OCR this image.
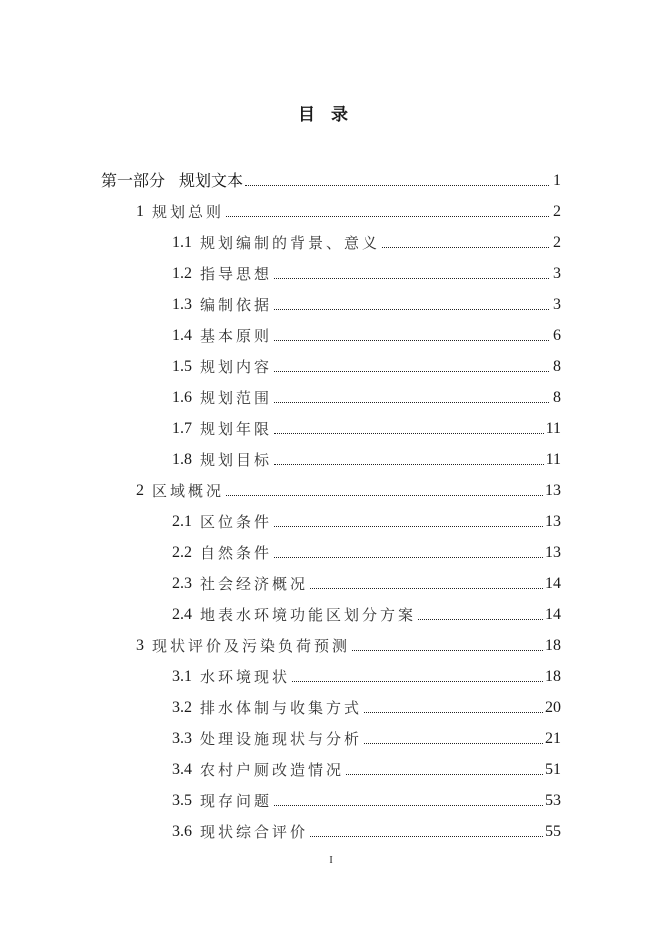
目录
第一部分 规划文本	1
1 规划总则	2
1.1 规划编制的背景、意义	2
1.2 指导思想	3
1.3 编制依据	3
1.4 基本原则	6
1.5 规划内容	8
1.6 规划范围	8
1.7 规划年限	11
1.8 规划目标	11
2 区域概况	13
2.1 区位条件	13
2.2 自然条件	13
2.3 社会经济概况	14
2.4 地表水环境功能区划分方案	14
3 现状评价及污染负荷预测	18
3.1 水环境现状	18
3.2 排水体制与收集方式	20
3.3 处理设施现状与分析	21
3.4 农村户厕改造情况	51
3.5 现存问题	53
3.6 现状综合评价	55
I
